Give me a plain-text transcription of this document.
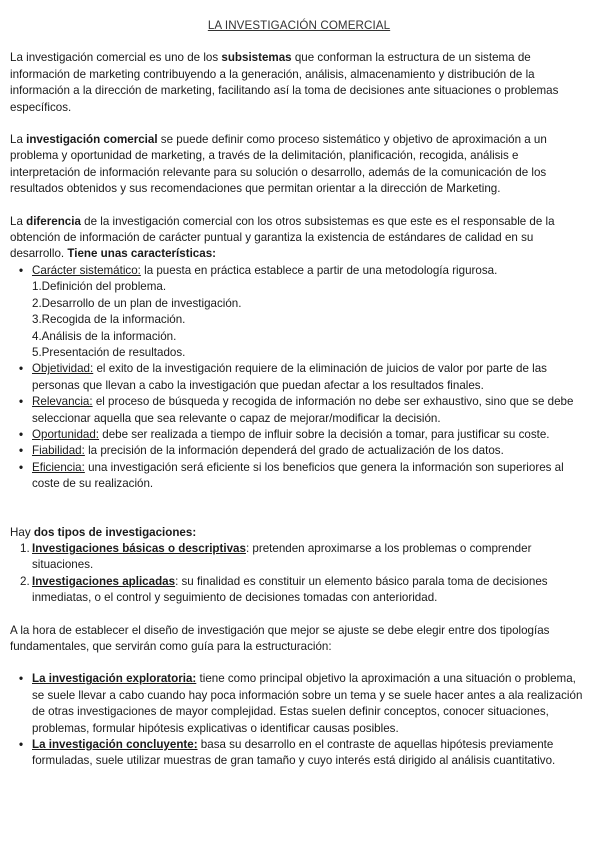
LA INVESTIGACIÓN COMERCIAL

La investigación comercial es uno de los subsistemas que conforman la estructura de un sistema de información de marketing contribuyendo a la generación, análisis, almacenamiento y distribución de la información a la dirección de marketing, facilitando así la toma de decisiones ante situaciones o problemas específicos.

La investigación comercial se puede definir como proceso sistemático y objetivo de aproximación a un problema y oportunidad de marketing, a través de la delimitación, planificación, recogida, análisis e interpretación de información relevante para su solución o desarrollo, además de la comunicación de los resultados obtenidos y sus recomendaciones que permitan orientar a la dirección de Marketing.

La diferencia de la investigación comercial con los otros subsistemas es que este es el responsable de la obtención de información de carácter puntual y garantiza la existencia de estándares de calidad en su desarrollo. Tiene unas características:

• Carácter sistemático: la puesta en práctica establece a partir de una metodología rigurosa.
1.Definición del problema.
2.Desarrollo de un plan de investigación.
3.Recogida de la información.
4.Análisis de la información.
5.Presentación de resultados.
• Objetividad: el exito de la investigación requiere de la eliminación de juicios de valor por parte de las personas que llevan a cabo la investigación que puedan afectar a los resultados finales.
• Relevancia: el proceso de búsqueda y recogida de información no debe ser exhaustivo, sino que se debe seleccionar aquella que sea relevante o capaz de mejorar/modificar la decisión.
• Oportunidad: debe ser realizada a tiempo de influir sobre la decisión a tomar, para justificar su coste.
• Fiabilidad: la precisión de la información dependerá del grado de actualización de los datos.
• Eficiencia: una investigación será eficiente si los beneficios que genera la información son superiores al coste de su realización.

Hay dos tipos de investigaciones:

1. Investigaciones básicas o descriptivas: pretenden aproximarse a los problemas o comprender situaciones.
2. Investigaciones aplicadas: su finalidad es constituir un elemento básico parala toma de decisiones inmediatas, o el control y seguimiento de decisiones tomadas con anterioridad.

A la hora de establecer el diseño de investigación que mejor se ajuste se debe elegir entre dos tipologías fundamentales, que servirán como guía para la estructuración:

• La investigación exploratoria: tiene como principal objetivo la aproximación a una situación o problema, se suele llevar a cabo cuando hay poca información sobre un tema y se suele hacer antes a ala realización de otras investigaciones de mayor complejidad. Estas suelen definir conceptos, conocer situaciones, problemas, formular hipótesis explicativas o identificar causas posibles.
• La investigación concluyente: basa su desarrollo en el contraste de aquellas hipótesis previamente formuladas, suele utilizar muestras de gran tamaño y cuyo interés está dirigido al análisis cuantitativo.
